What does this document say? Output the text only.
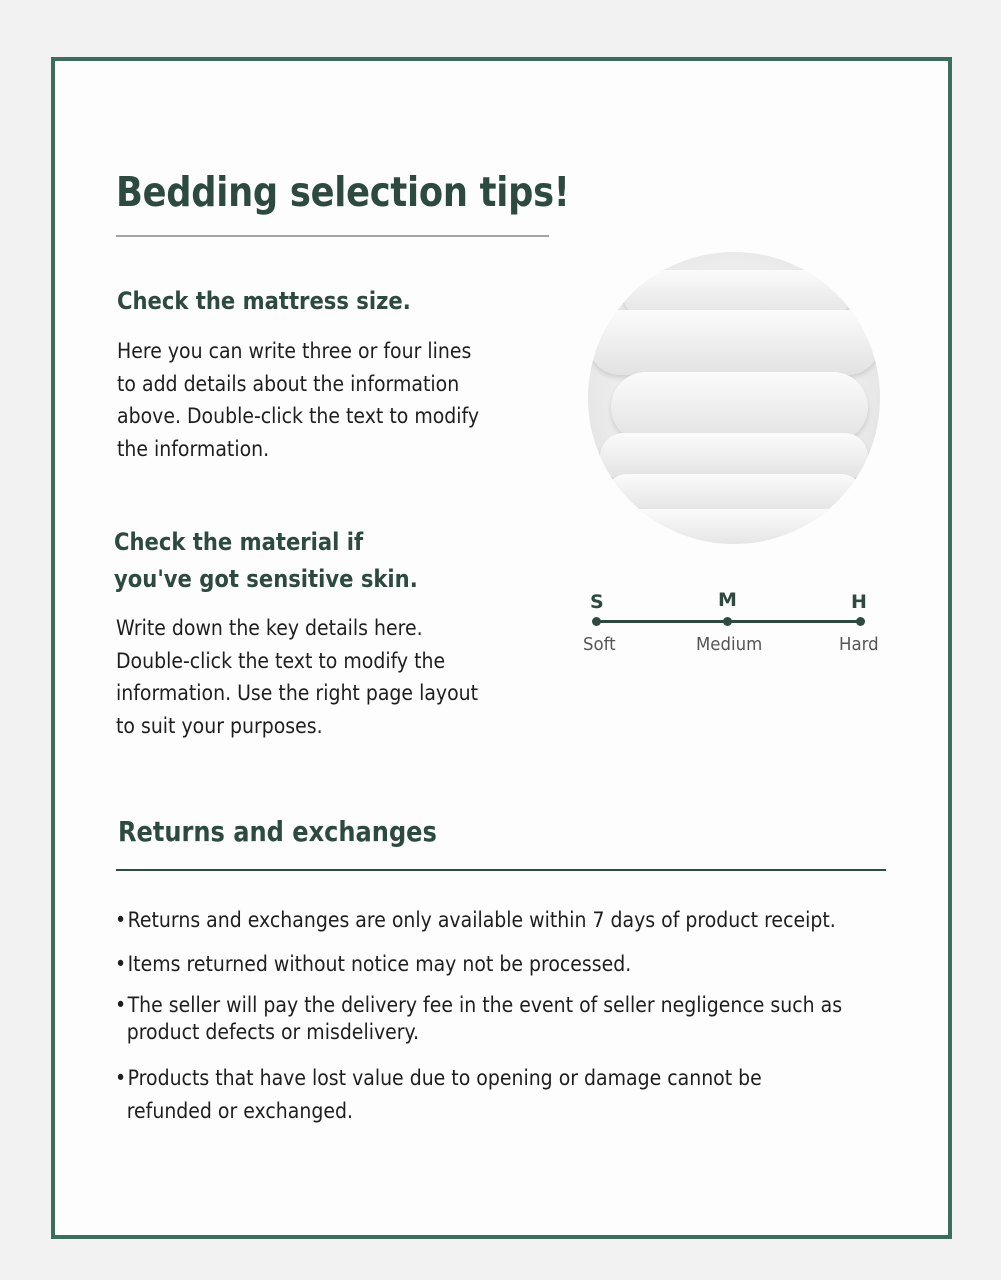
Bedding selection tips!
Check the mattress size.
Here you can write three or four lines
to add details about the information
above. Double-click the text to modify
the information.
Check the material if
you've got sensitive skin.
Write down the key details here.
Double-click the text to modify the
information. Use the right page layout
to suit your purposes.
S	M	H
Soft	Medium	Hard
Returns and exchanges
•Returns and exchanges are only available within 7 days of product receipt.
•Items returned without notice may not be processed.
•The seller will pay the delivery fee in the event of seller negligence such as
product defects or misdelivery.
•Products that have lost value due to opening or damage cannot be
refunded or exchanged.
